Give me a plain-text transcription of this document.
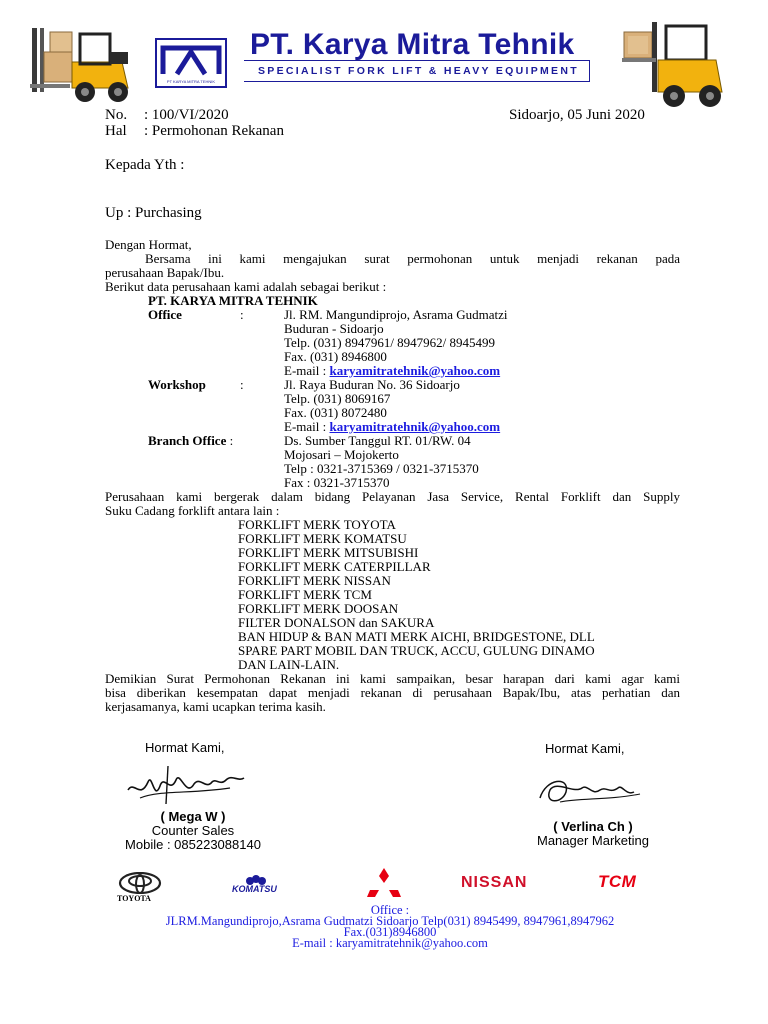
PT KARYA MITRA TEHNIK
PT. Karya Mitra Tehnik
SPECIALIST FORK LIFT & HEAVY EQUIPMENT
No. : 100/VI/2020
Hal : Permohonan Rekanan
Sidoarjo, 05 Juni 2020
Kepada Yth :
Up : Purchasing
Dengan Hormat,
Bersama ini kami mengajukan surat permohonan untuk menjadi rekanan pada
perusahaan Bapak/Ibu.
Berikut data perusahaan kami adalah sebagai berikut :
PT. KARYA MITRA TEHNIK
Office	:	Jl. RM. Mangundiprojo, Asrama Gudmatzi
Buduran - Sidoarjo
Telp. (031) 8947961/ 8947962/ 8945499
Fax. (031) 8946800
E-mail : karyamitratehnik@yahoo.com
Workshop	:	Jl. Raya Buduran No. 36 Sidoarjo
Telp. (031) 8069167
Fax. (031) 8072480
E-mail : karyamitratehnik@yahoo.com
Branch Office :	Ds. Sumber Tanggul RT. 01/RW. 04
Mojosari – Mojokerto
Telp : 0321-3715369 / 0321-3715370
Fax : 0321-3715370
Perusahaan kami bergerak dalam bidang Pelayanan Jasa Service, Rental Forklift dan Supply
Suku Cadang forklift antara lain :
FORKLIFT MERK TOYOTA
FORKLIFT MERK KOMATSU
FORKLIFT MERK MITSUBISHI
FORKLIFT MERK CATERPILLAR
FORKLIFT MERK NISSAN
FORKLIFT MERK TCM
FORKLIFT MERK DOOSAN
FILTER DONALSON dan SAKURA
BAN HIDUP & BAN MATI MERK AICHI, BRIDGESTONE, DLL
SPARE PART MOBIL DAN TRUCK, ACCU, GULUNG DINAMO
DAN LAIN-LAIN.
Demikian Surat Permohonan Rekanan ini kami sampaikan, besar harapan dari kami agar kami
bisa diberikan kesempatan dapat menjadi rekanan di perusahaan Bapak/Ibu, atas perhatian dan
kerjasamanya, kami ucapkan terima kasih.
Hormat Kami,
( Mega W )
Counter Sales
Mobile : 085223088140
Hormat Kami,
( Verlina Ch )
Manager Marketing
TOYOTA
KOMATSU	NISSAN	TCM
Office :
JLRM.Mangundiprojo,Asrama Gudmatzi Sidoarjo Telp(031) 8945499, 8947961,8947962
Fax.(031)8946800
E-mail : karyamitratehnik@yahoo.com
